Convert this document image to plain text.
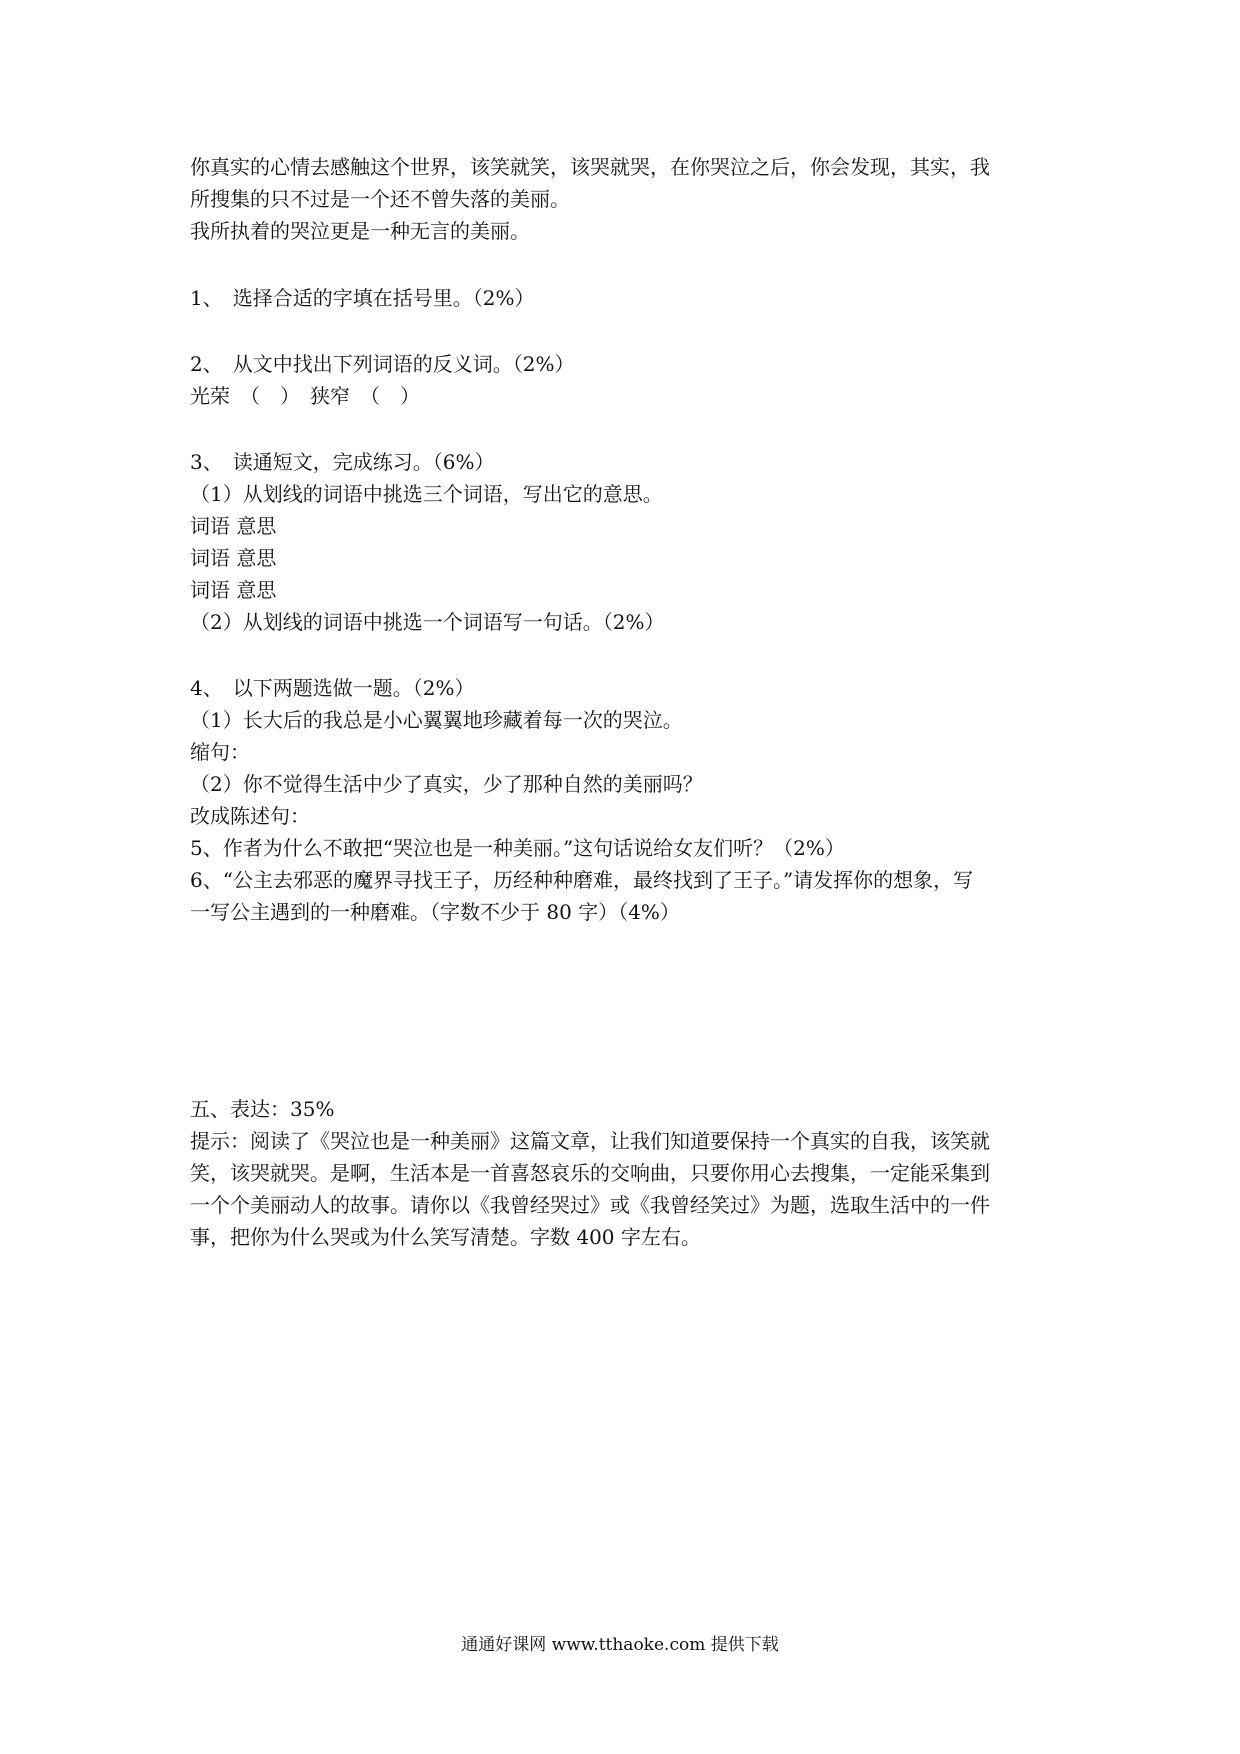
你真实的心情去感触这个世界，该笑就笑，该哭就哭，在你哭泣之后，你会发现，其实，我
所搜集的只不过是一个还不曾失落的美丽。
我所执着的哭泣更是一种无言的美丽。
1、　选择合适的字填在括号里。（2%）
2、　从文中找出下列词语的反义词。（2%）
光荣　（　）　狭窄　（　）
3、　读通短文，完成练习。（6%）
（1）从划线的词语中挑选三个词语，写出它的意思。
词语 意思
词语 意思
词语 意思
（2）从划线的词语中挑选一个词语写一句话。（2%）
4、　以下两题选做一题。（2%）
（1）长大后的我总是小心翼翼地珍藏着每一次的哭泣。
缩句：
（2）你不觉得生活中少了真实，少了那种自然的美丽吗？
改成陈述句：
5、作者为什么不敢把“哭泣也是一种美丽。”这句话说给女友们听？（2%）
6、“公主去邪恶的魔界寻找王子，历经种种磨难，最终找到了王子。”请发挥你的想象，写
一写公主遇到的一种磨难。（字数不少于 80 字）（4%）
五、表达：35%
提示：阅读了《哭泣也是一种美丽》这篇文章，让我们知道要保持一个真实的自我，该笑就
笑，该哭就哭。是啊，生活本是一首喜怒哀乐的交响曲，只要你用心去搜集，一定能采集到
一个个美丽动人的故事。请你以《我曾经哭过》或《我曾经笑过》为题，选取生活中的一件
事，把你为什么哭或为什么笑写清楚。字数 400 字左右。
通通好课网 www.tthaoke.com 提供下载
